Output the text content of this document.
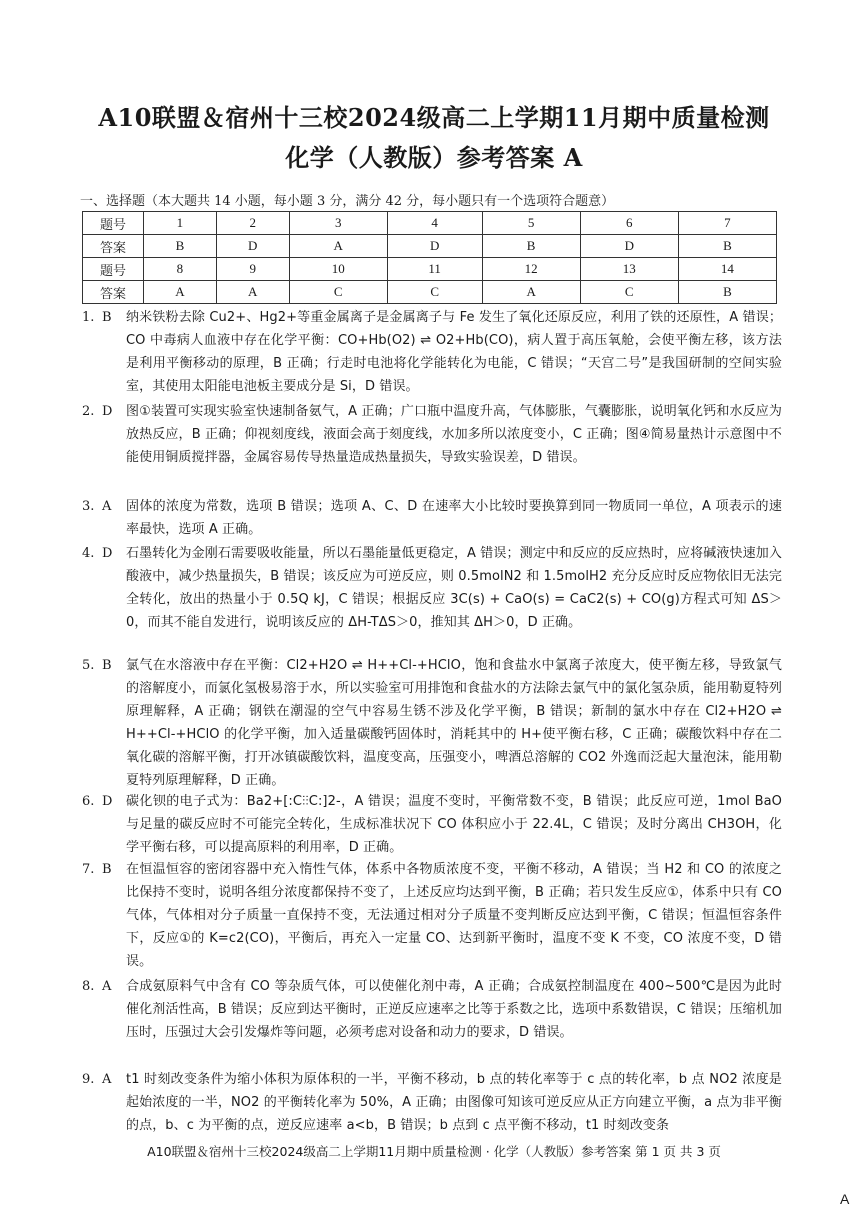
A10联盟＆宿州十三校2024级高二上学期11月期中质量检测
化学（人教版）参考答案 A
一、选择题（本大题共 14 小题，每小题 3 分，满分 42 分，每小题只有一个选项符合题意）
题号	1	2	3	4	5	6	7
答案	B	D	A	D	B	D	B
题号	8	9	10	11	12	13	14
答案	A	A	C	C	A	C	B
1. B	纳米铁粉去除 Cu2+、Hg2+等重金属离子是金属离子与 Fe 发生了氧化还原反应，利用了铁的还原性，A 错误；CO 中毒病人血液中存在化学平衡：CO+Hb(O2) ⇌ O2+Hb(CO)，病人置于高压氧舱，会使平衡左移，该方法是利用平衡移动的原理，B 正确；行走时电池将化学能转化为电能，C 错误；“天宫二号”是我国研制的空间实验室，其使用太阳能电池板主要成分是 Si，D 错误。
2. D	图①装置可实现实验室快速制备氨气，A 正确；广口瓶中温度升高，气体膨胀，气囊膨胀，说明氧化钙和水反应为放热反应，B 正确；仰视刻度线，液面会高于刻度线，水加多所以浓度变小，C 正确；图④简易量热计示意图中不能使用铜质搅拌器，金属容易传导热量造成热量损失，导致实验误差，D 错误。
3. A	固体的浓度为常数，选项 B 错误；选项 A、C、D 在速率大小比较时要换算到同一物质同一单位，A 项表示的速率最快，选项 A 正确。
4. D	石墨转化为金刚石需要吸收能量，所以石墨能量低更稳定，A 错误；测定中和反应的反应热时，应将碱液快速加入酸液中，减少热量损失，B 错误；该反应为可逆反应，则 0.5molN2 和 1.5molH2 充分反应时反应物依旧无法完全转化，放出的热量小于 0.5Q kJ，C 错误；根据反应 3C(s) + CaO(s) = CaC2(s) + CO(g)方程式可知 ΔS＞0，而其不能自发进行，说明该反应的 ΔH-TΔS＞0，推知其 ΔH＞0，D 正确。
5. B	氯气在水溶液中存在平衡：Cl2+H2O ⇌ H++Cl-+HClO，饱和食盐水中氯离子浓度大，使平衡左移，导致氯气的溶解度小，而氯化氢极易溶于水，所以实验室可用排饱和食盐水的方法除去氯气中的氯化氢杂质，能用勒夏特列原理解释，A 正确；钢铁在潮湿的空气中容易生锈不涉及化学平衡，B 错误；新制的氯水中存在 Cl2+H2O ⇌ H++Cl-+HClO 的化学平衡，加入适量碳酸钙固体时，消耗其中的 H+使平衡右移，C 正确；碳酸饮料中存在二氧化碳的溶解平衡，打开冰镇碳酸饮料，温度变高，压强变小，啤酒总溶解的 CO2 外逸而泛起大量泡沫，能用勒夏特列原理解释，D 正确。
6. D	碳化钡的电子式为：Ba2+[:C⫶⫶C:]2-，A 错误；温度不变时，平衡常数不变，B 错误；此反应可逆，1mol BaO 与足量的碳反应时不可能完全转化，生成标准状况下 CO 体积应小于 22.4L，C 错误；及时分离出 CH3OH，化学平衡右移，可以提高原料的利用率，D 正确。
7. B	在恒温恒容的密闭容器中充入惰性气体，体系中各物质浓度不变，平衡不移动，A 错误；当 H2 和 CO 的浓度之比保持不变时，说明各组分浓度都保持不变了，上述反应均达到平衡，B 正确；若只发生反应①，体系中只有 CO 气体，气体相对分子质量一直保持不变，无法通过相对分子质量不变判断反应达到平衡，C 错误；恒温恒容条件下，反应①的 K=c2(CO)，平衡后，再充入一定量 CO、达到新平衡时，温度不变 K 不变，CO 浓度不变，D 错误。
8. A	合成氨原料气中含有 CO 等杂质气体，可以使催化剂中毒，A 正确；合成氨控制温度在 400~500℃是因为此时催化剂活性高，B 错误；反应到达平衡时，正逆反应速率之比等于系数之比，选项中系数错误，C 错误；压缩机加压时，压强过大会引发爆炸等问题，必须考虑对设备和动力的要求，D 错误。
9. A	t1 时刻改变条件为缩小体积为原体积的一半，平衡不移动，b 点的转化率等于 c 点的转化率，b 点 NO2 浓度是起始浓度的一半，NO2 的平衡转化率为 50%，A 正确；由图像可知该可逆反应从正方向建立平衡，a 点为非平衡的点，b、c 为平衡的点，逆反应速率 a<b，B 错误；b 点到 c 点平衡不移动，t1 时刻改变条
A10联盟＆宿州十三校2024级高二上学期11月期中质量检测 · 化学（人教版）参考答案 第 1 页 共 3 页
A
